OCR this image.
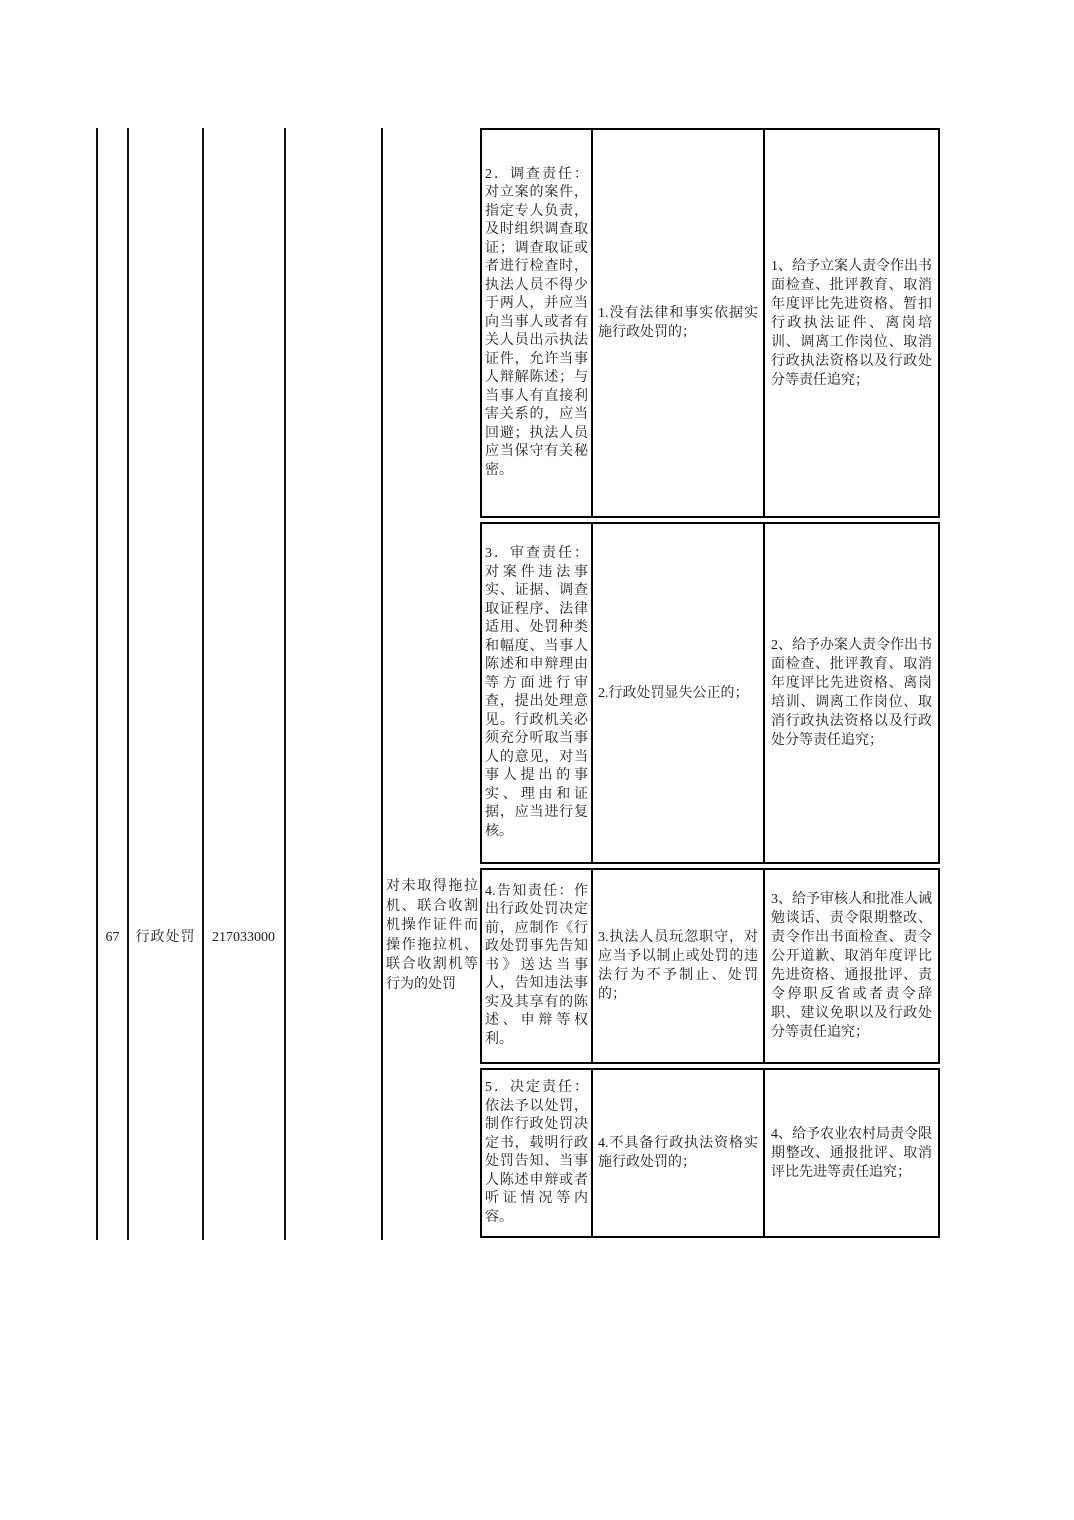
67	行政处罚	217033000
对未取得拖拉机、联合收割机操作证件而操作拖拉机、联合收割机等行为的处罚
2．调查责任：对立案的案件，指定专人负责，及时组织调查取证；调查取证或者进行检查时，执法人员不得少于两人，并应当向当事人或者有关人员出示执法证件，允许当事人辩解陈述；与当事人有直接利害关系的，应当回避；执法人员应当保守有关秘密。
1.没有法律和事实依据实施行政处罚的；
1、给予立案人责令作出书面检查、批评教育、取消年度评比先进资格、暂扣行政执法证件、离岗培训、调离工作岗位、取消行政执法资格以及行政处分等责任追究；
3．审查责任：对案件违法事实、证据、调查取证程序、法律适用、处罚种类和幅度、当事人陈述和申辩理由等方面进行审查，提出处理意见。行政机关必须充分听取当事人的意见，对当事人提出的事实、理由和证据，应当进行复核。
2.行政处罚显失公正的；
2、给予办案人责令作出书面检查、批评教育、取消年度评比先进资格、离岗培训、调离工作岗位、取消行政执法资格以及行政处分等责任追究；
4.告知责任：作出行政处罚决定前，应制作《行政处罚事先告知书》送达当事人，告知违法事实及其享有的陈述、申辩等权利。
3.执法人员玩忽职守，对应当予以制止或处罚的违法行为不予制止、处罚的；
3、给予审核人和批准人诫勉谈话、责令限期整改、责令作出书面检查、责令公开道歉、取消年度评比先进资格、通报批评、责令停职反省或者责令辞职、建议免职以及行政处分等责任追究；
5．决定责任：依法予以处罚，制作行政处罚决定书，载明行政处罚告知、当事人陈述申辩或者听证情况等内容。
4.不具备行政执法资格实施行政处罚的；
4、给予农业农村局责令限期整改、通报批评、取消评比先进等责任追究；
